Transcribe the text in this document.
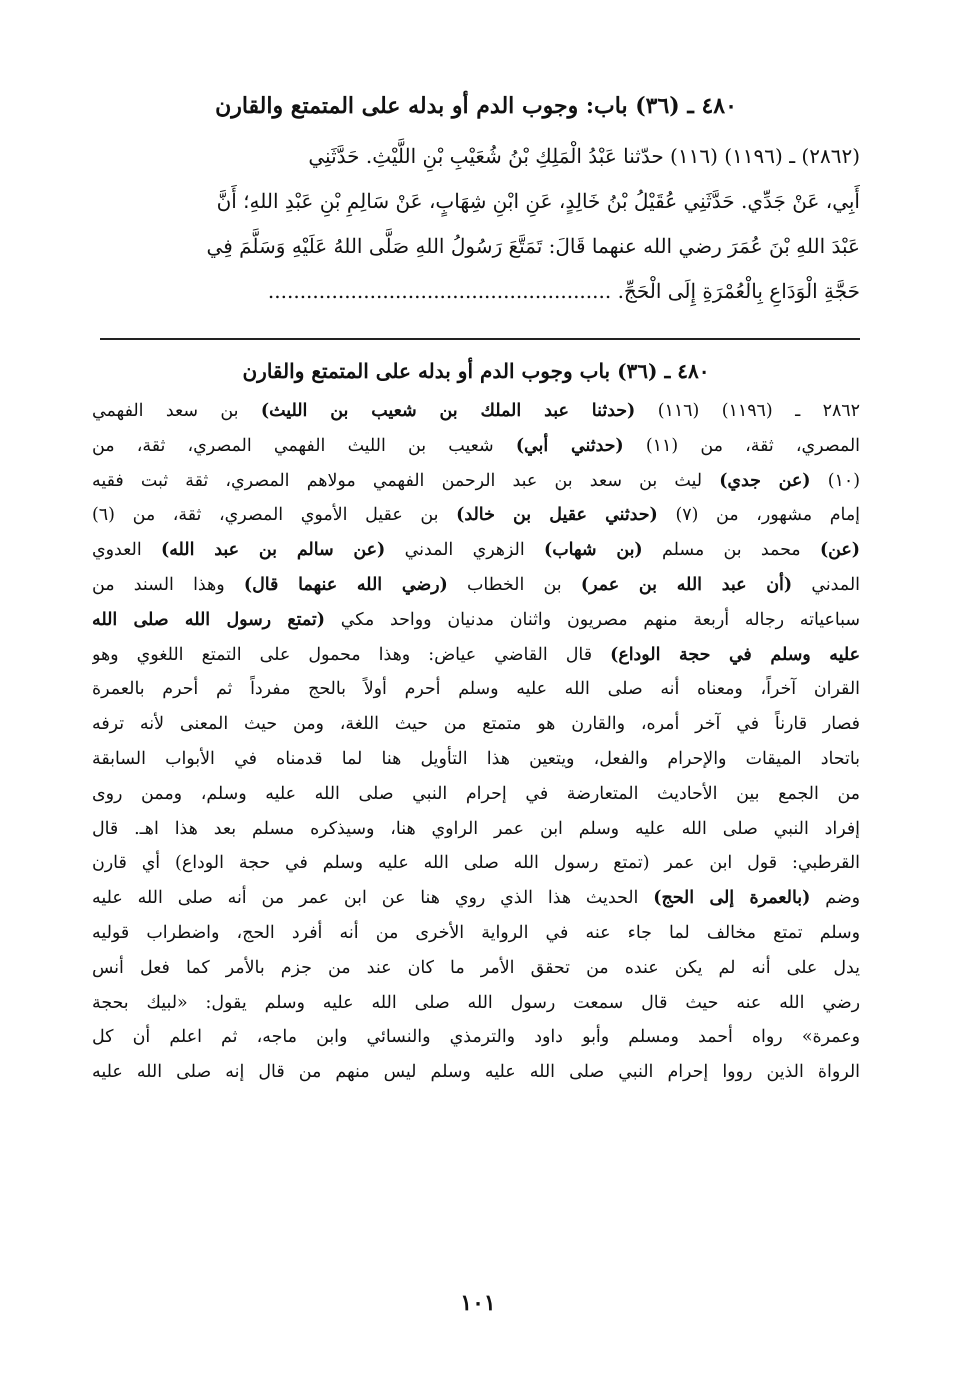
٤٨٠ ـ (٣٦) باب: وجوب الدم أو بدله على المتمتع والقارن
(٢٨٦٢) ـ (١١٩٦) (١١٦) حدّثنا عَبْدُ الْمَلِكِ بْنُ شُعَيْبِ بْنِ اللَّيْثِ. حَدَّثَنِي
أَبِي، عَنْ جَدِّي. حَدَّثَنِي عُقَيْلُ بْنُ خَالِدٍ، عَنِ ابْنِ شِهَابٍ، عَنْ سَالِمِ بْنِ عَبْدِ اللهِ؛ أَنَّ
عَبْدَ اللهِ بْنَ عُمَرَ رضي الله عنهما قَالَ: تَمَتَّعَ رَسُولُ اللهِ صَلَّى اللهُ عَلَيْهِ وَسَلَّمَ فِي
حَجَّةِ الْوَدَاعِ بِالْعُمْرَةِ إِلَى الْحَجِّ. ......................................................
٤٨٠ ـ (٣٦) باب وجوب الدم أو بدله على المتمتع والقارن
٢٨٦٢ ـ (١١٩٦) (١١٦) (حدثنا عبد الملك بن شعيب بن الليث) بن سعد الفهمي
المصري، ثقة، من (١١) (حدثني أبي) شعيب بن الليث الفهمي المصري، ثقة، من
(١٠) (عن جدي) ليث بن سعد بن عبد الرحمن الفهمي مولاهم المصري، ثقة ثبت فقيه
إمام مشهور، من (٧) (حدثني عقيل بن خالد) بن عقيل الأموي المصري، ثقة، من (٦)
(عن) محمد بن مسلم (بن شهاب) الزهري المدني (عن سالم بن عبد الله) العدوي
المدني (أن عبد الله بن عمر) بن الخطاب (رضي الله عنهما قال) وهذا السند من
سباعياته رجاله أربعة منهم مصريون واثنان مدنيان وواحد مكي (تمتع رسول الله صلى الله
عليه وسلم في حجة الوداع) قال القاضي عياض: وهذا محمول على التمتع اللغوي وهو
القران آخراً، ومعناه أنه صلى الله عليه وسلم أحرم أولاً بالحج مفرداً ثم أحرم بالعمرة
فصار قارناً في آخر أمره، والقارن هو متمتع من حيث اللغة، ومن حيث المعنى لأنه ترفه
باتحاد الميقات والإحرام والفعل، ويتعين هذا التأويل هنا لما قدمناه في الأبواب السابقة
من الجمع بين الأحاديث المتعارضة في إحرام النبي صلى الله عليه وسلم، وممن روى
إفراد النبي صلى الله عليه وسلم ابن عمر الراوي هنا، وسيذكره مسلم بعد هذا اهـ. قال
القرطبي: قول ابن عمر (تمتع رسول الله صلى الله عليه وسلم في حجة الوداع) أي قارن
وضم (بالعمرة إلى الحج) الحديث هذا الذي روي هنا عن ابن عمر من أنه صلى الله عليه
وسلم تمتع مخالف لما جاء عنه في الرواية الأخرى من أنه أفرد الحج، واضطراب قوليه
يدل على أنه لم يكن عنده من تحقق الأمر ما كان عند من جزم بالأمر كما فعل أنس
رضي الله عنه حيث قال سمعت رسول الله صلى الله عليه وسلم يقول: «لبيك بحجة
وعمرة» رواه أحمد ومسلم وأبو داود والترمذي والنسائي وابن ماجه، ثم اعلم أن كل
الرواة الذين رووا إحرام النبي صلى الله عليه وسلم ليس منهم من قال إنه صلى الله عليه
١٠١
